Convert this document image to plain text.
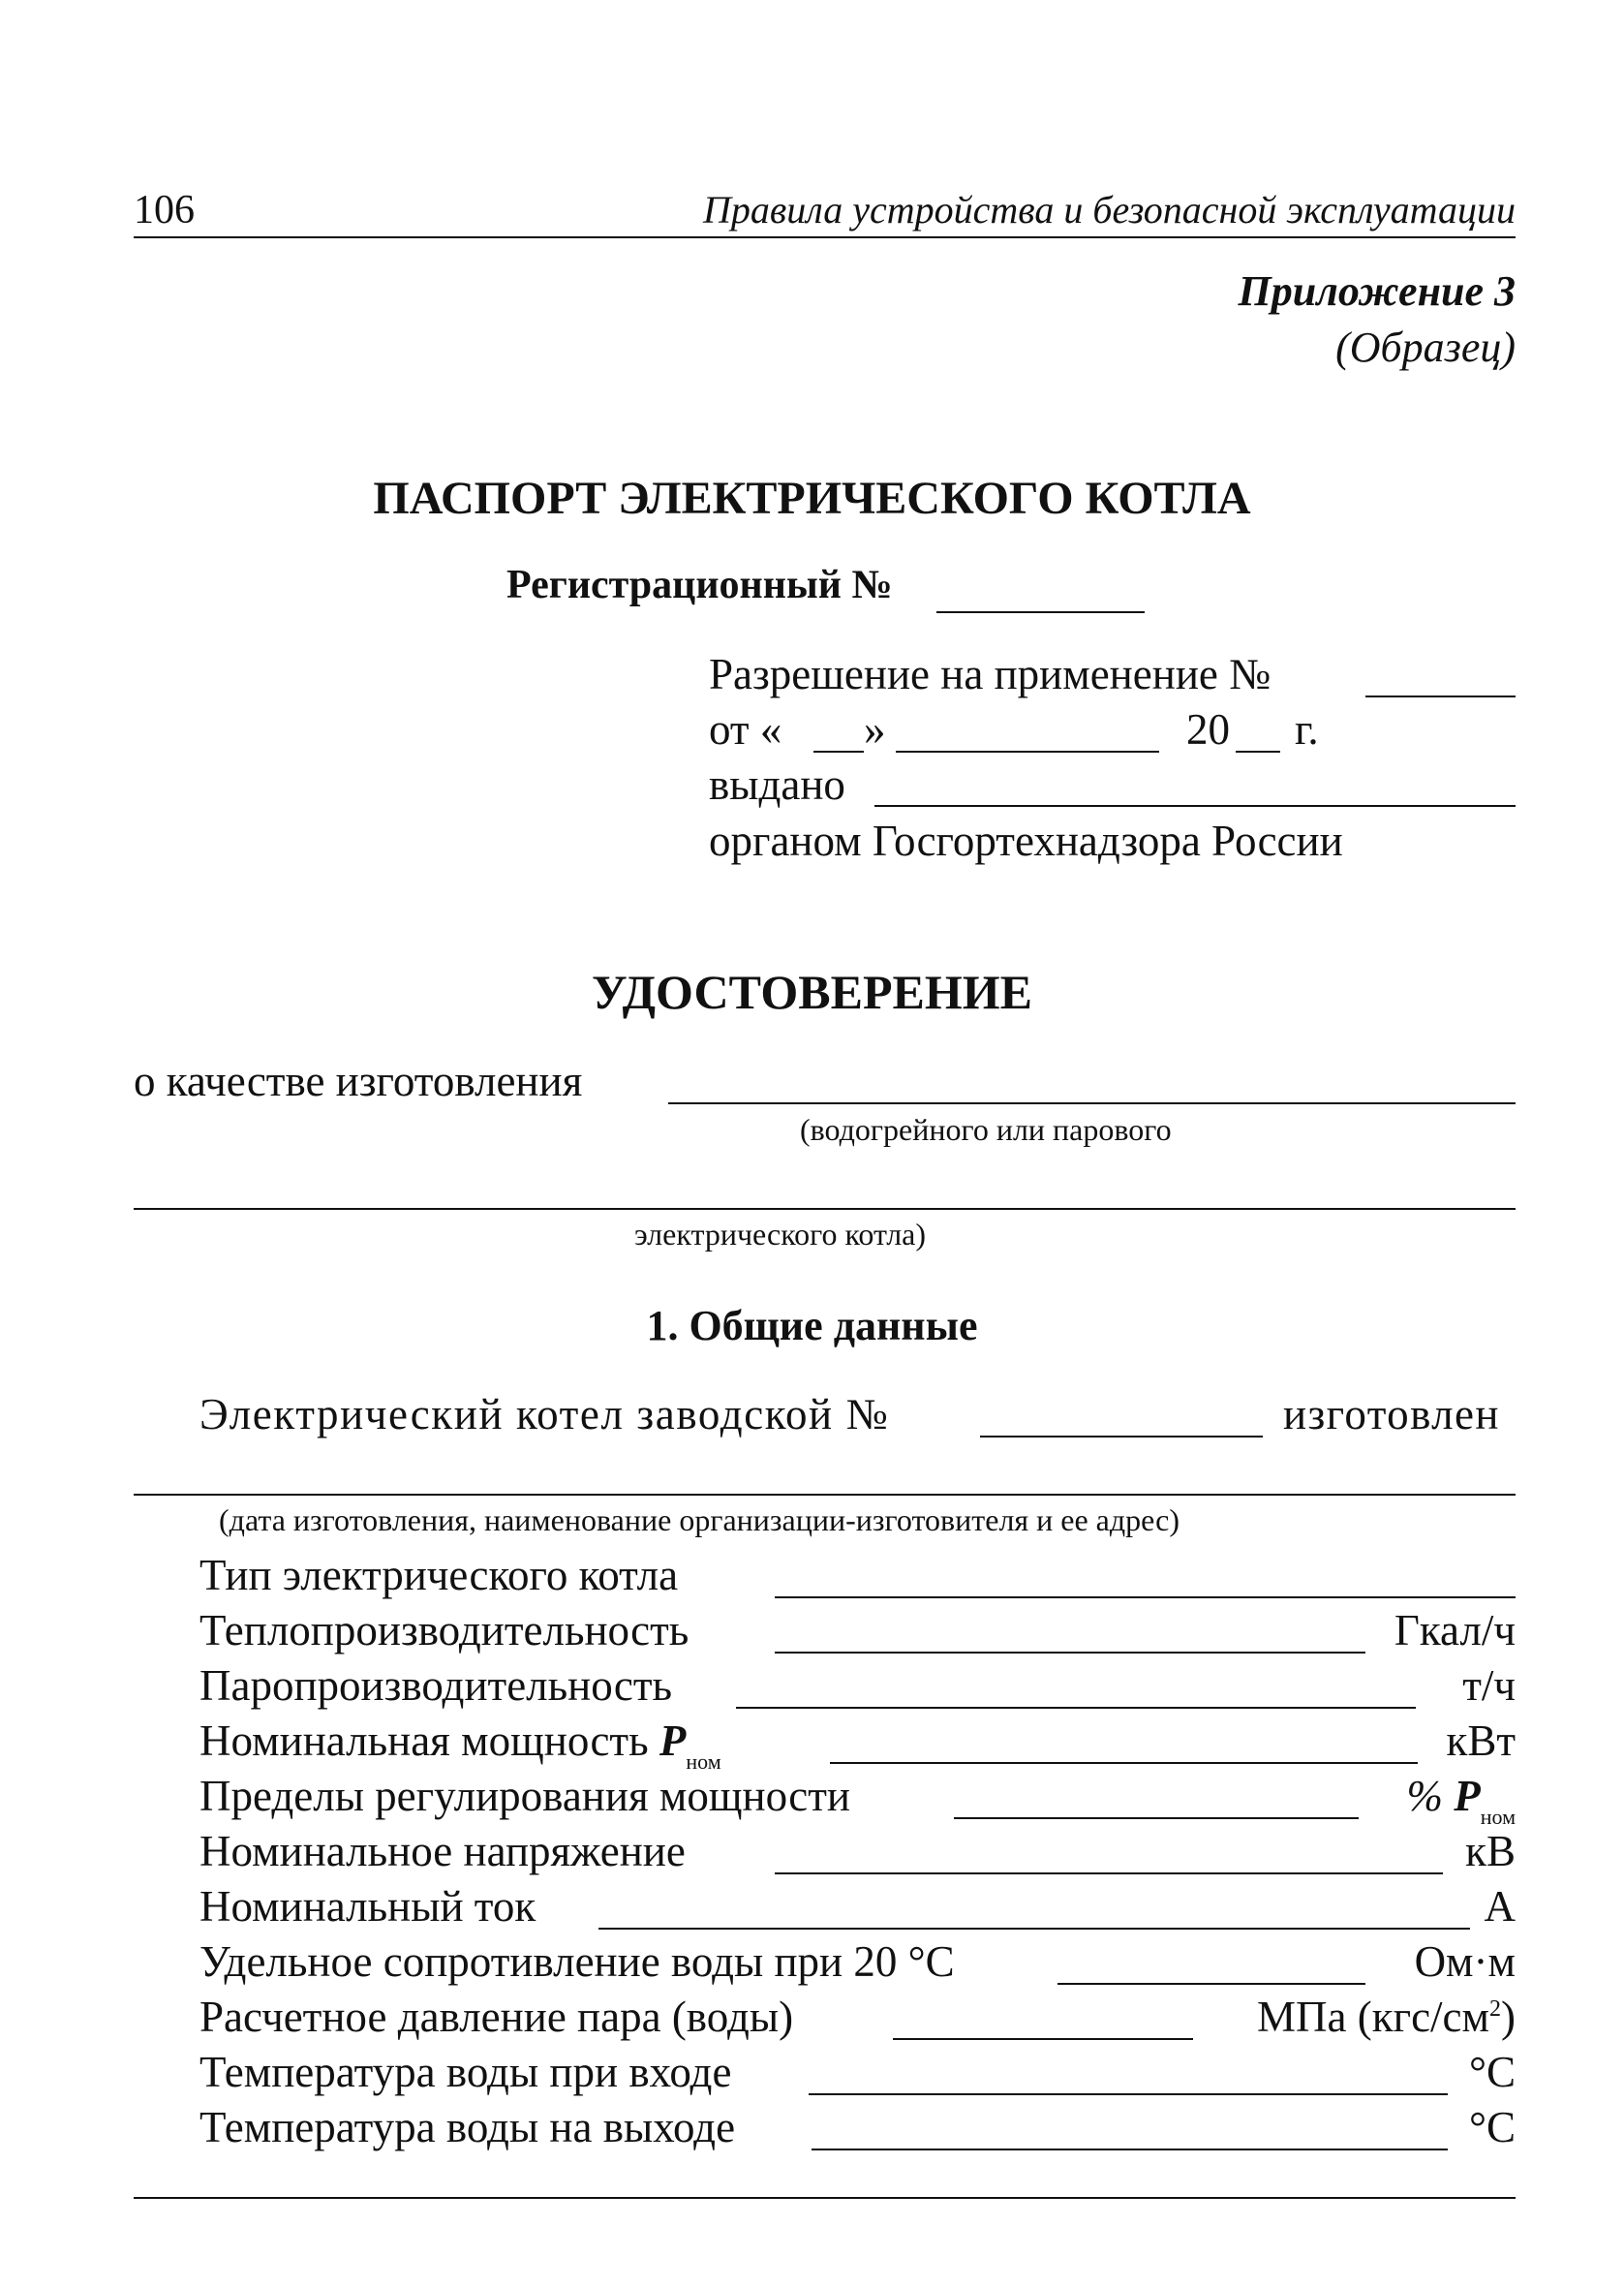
106	Правила устройства и безопасной эксплуатации
Приложение 3
(Образец)
ПАСПОРТ ЭЛЕКТРИЧЕСКОГО КОТЛА
Регистрационный №
Разрешение на применение №
от « »	20 г.
выдано
органом Госгортехнадзора России
УДОСТОВЕРЕНИЕ
о качестве изготовления
(водогрейного или парового
электрического котла)
1. Общие данные
Электрический котел заводской №	изготовлен
(дата изготовления, наименование организации-изготовителя и ее адрес)
Тип электрического котла
Теплопроизводительность	Гкал/ч
Паропроизводительность	т/ч
Номинальная мощность $P_{ном}$	кВт
Пределы регулирования мощности	% $P_{ном}$
Номинальное напряжение	кВ
Номинальный ток	А
Удельное сопротивление воды при 20 °С	Ом·м
Расчетное давление пара (воды)	МПа $(кгс/см^2)$
Температура воды при входе	°С
Температура воды на выходе	°С
